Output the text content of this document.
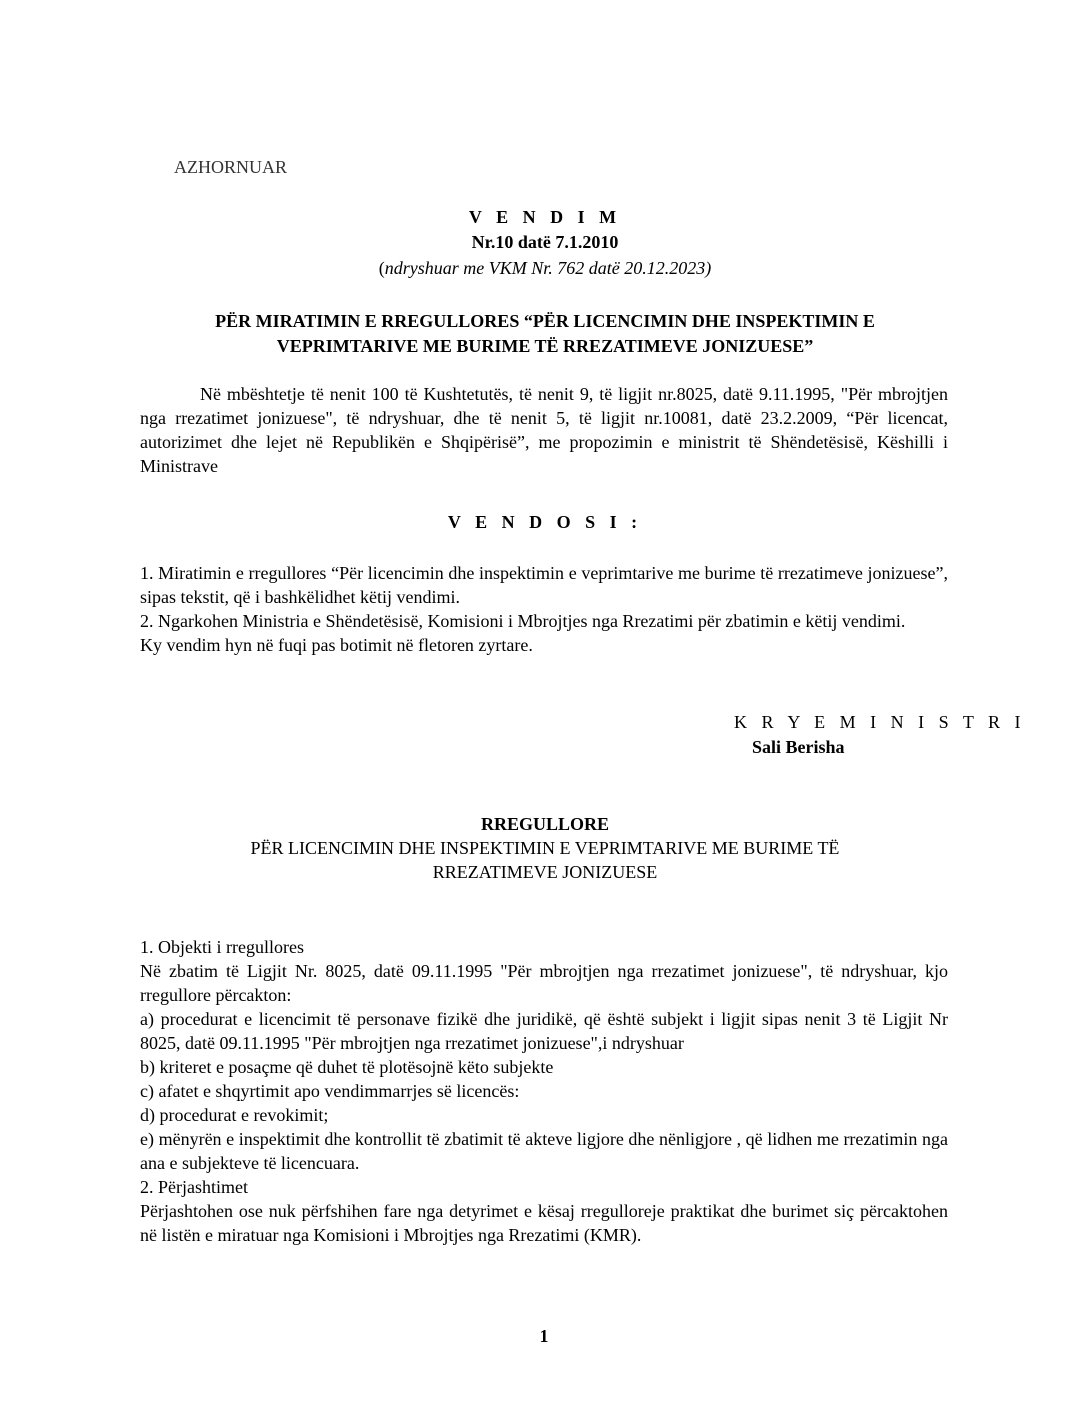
AZHORNUAR
V E N D I M
Nr.10 datë 7.1.2010
(ndryshuar me VKM Nr. 762 datë 20.12.2023)
PËR MIRATIMIN E RREGULLORES “PËR LICENCIMIN DHE INSPEKTIMIN E
VEPRIMTARIVE ME BURIME TË RREZATIMEVE JONIZUESE”

Në mbështetje të nenit 100 të Kushtetutës, të nenit 9, të ligjit nr.8025, datë 9.11.1995, "Për mbrojtjen nga rrezatimet jonizuese", të ndryshuar, dhe të nenit 5, të ligjit nr.10081, datë 23.2.2009, “Për licencat, autorizimet dhe lejet në Republikën e Shqipërisë”, me propozimin e ministrit të Shëndetësisë, Këshilli i Ministrave

V E N D O S I :

1. Miratimin e rregullores “Për licencimin dhe inspektimin e veprimtarive me burime të rrezatimeve jonizuese”, sipas tekstit, që i bashkëlidhet këtij vendimi.

2. Ngarkohen Ministria e Shëndetësisë, Komisioni i Mbrojtjes nga Rrezatimi për zbatimin e këtij vendimi.

Ky vendim hyn në fuqi pas botimit në fletoren zyrtare.

K R Y E M I N I S T R I
Sali Berisha
RREGULLORE
PËR LICENCIMIN DHE INSPEKTIMIN E VEPRIMTARIVE ME BURIME TË
RREZATIMEVE JONIZUESE

1. Objekti i rregullores

Në zbatim të Ligjit Nr. 8025, datë 09.11.1995 "Për mbrojtjen nga rrezatimet jonizuese", të ndryshuar, kjo rregullore përcakton:

a) procedurat e licencimit të personave fizikë dhe juridikë, që është subjekt i ligjit sipas nenit 3 të Ligjit Nr 8025, datë 09.11.1995 "Për mbrojtjen nga rrezatimet jonizuese",i ndryshuar

b) kriteret e posaçme që duhet të plotësojnë këto subjekte

c) afatet e shqyrtimit apo vendimmarrjes së licencës:

d) procedurat e revokimit;

e) mënyrën e inspektimit dhe kontrollit të zbatimit të akteve ligjore dhe nënligjore , që lidhen me rrezatimin nga ana e subjekteve të licencuara.

2. Përjashtimet

Përjashtohen ose nuk përfshihen fare nga detyrimet e kësaj rregulloreje praktikat dhe burimet siç përcaktohen në listën e miratuar nga Komisioni i Mbrojtjes nga Rrezatimi (KMR).

1
